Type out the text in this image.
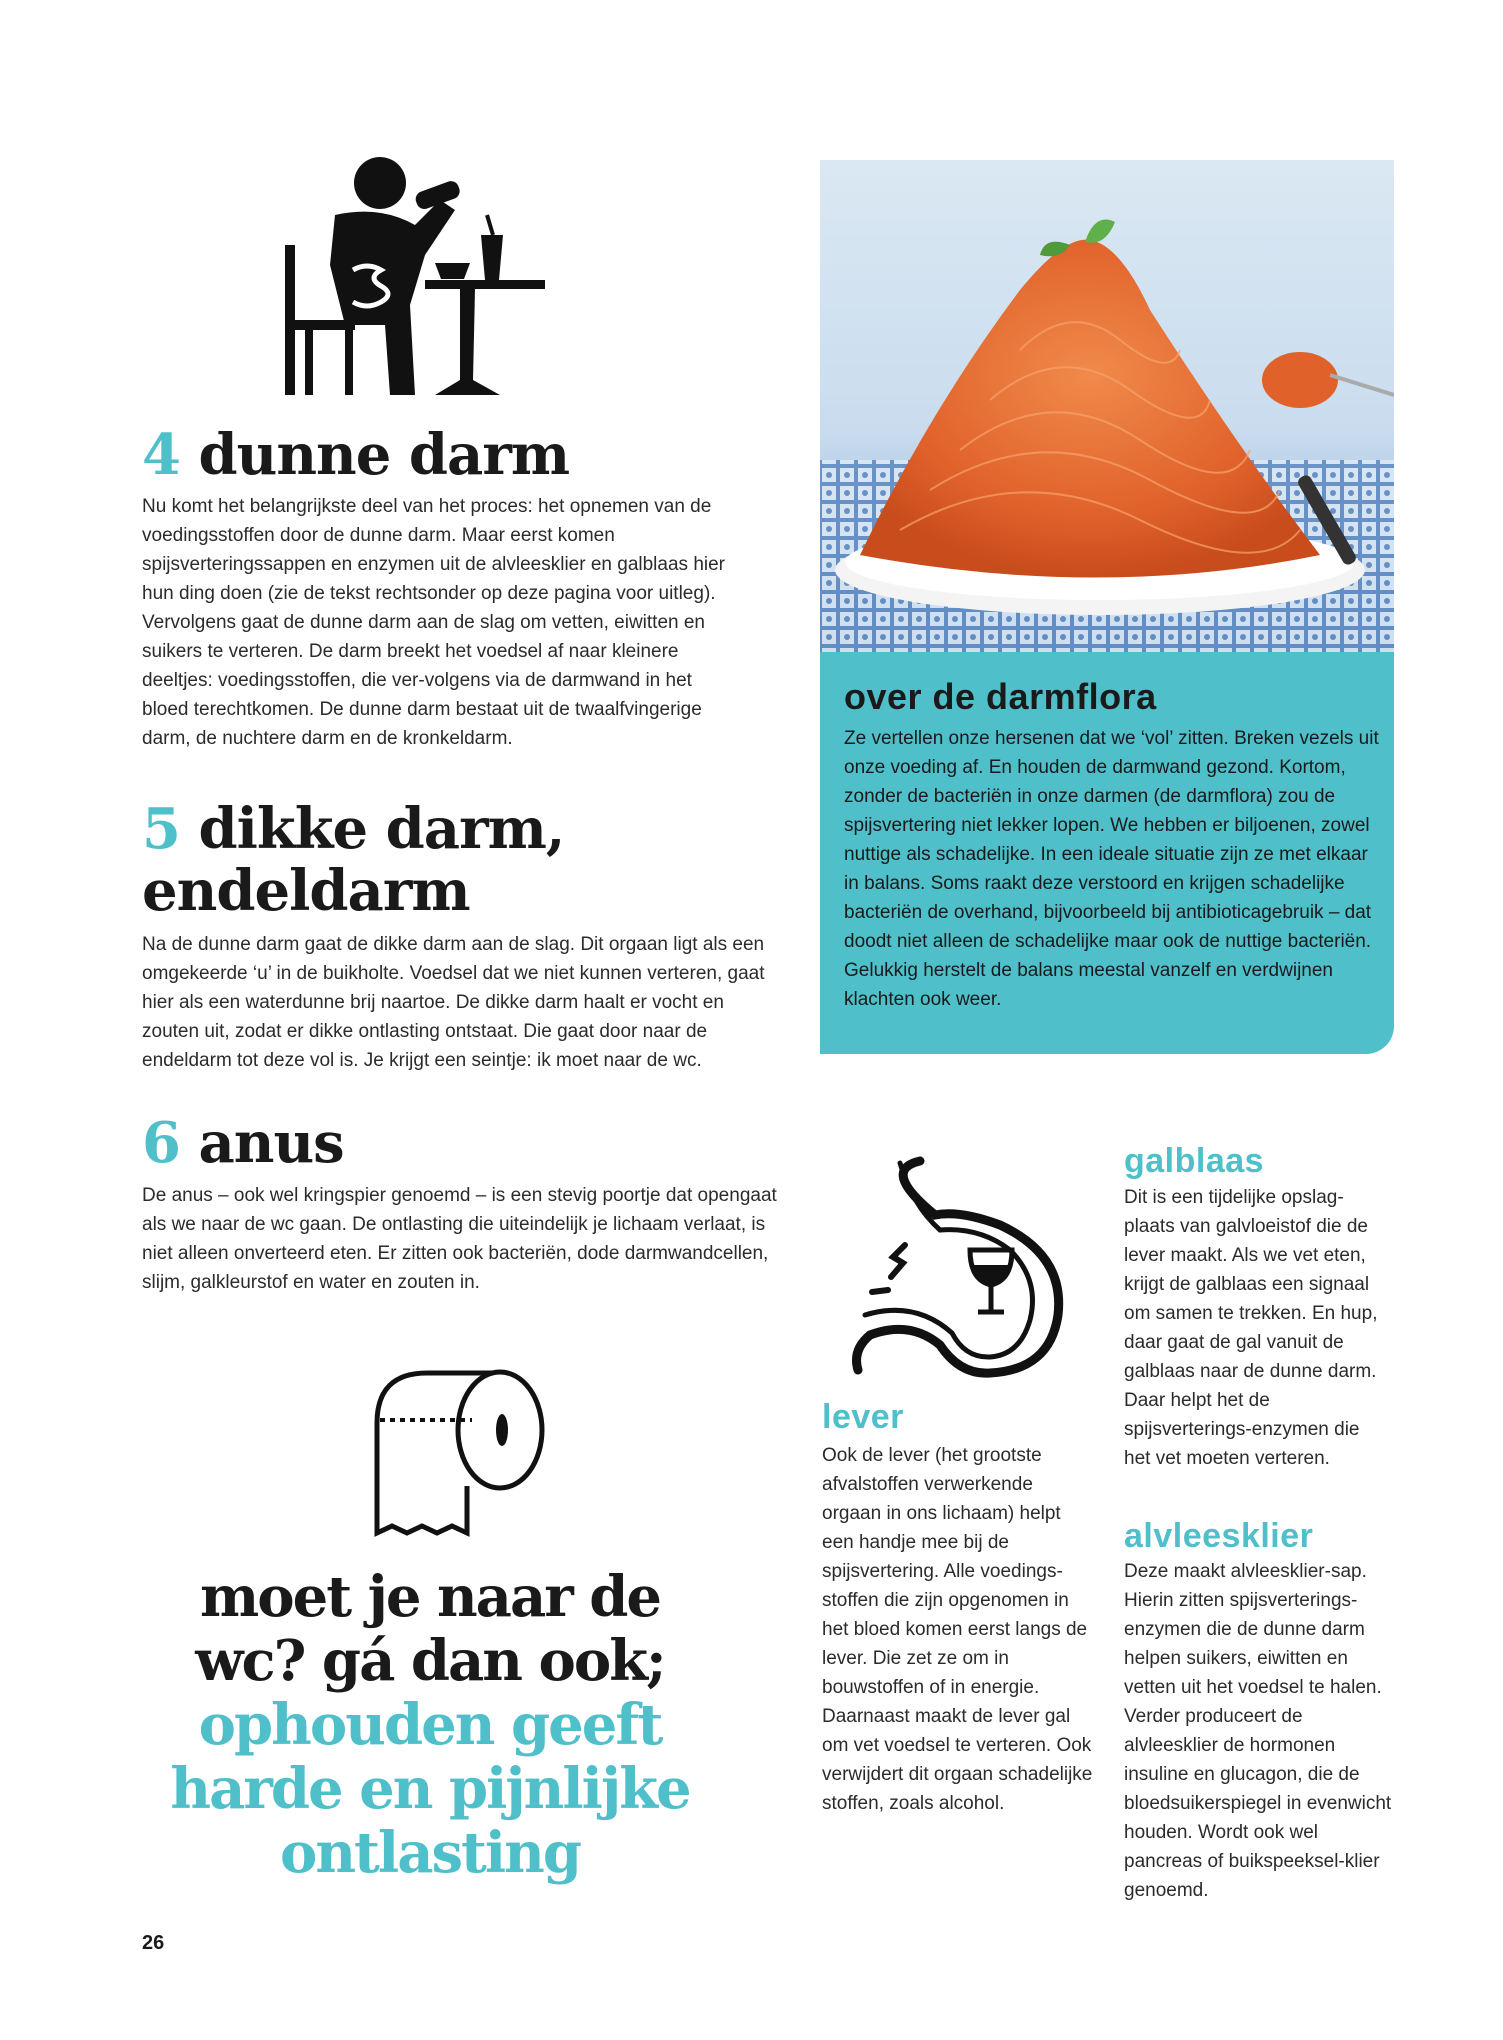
4 dunne darm

Nu komt het belangrijkste deel van het proces: het opnemen van de voedingsstoffen door de dunne darm. Maar eerst komen spijsverteringssappen en enzymen uit de alvleesklier en galblaas hier hun ding doen (zie de tekst rechtsonder op deze pagina voor uitleg). Vervolgens gaat de dunne darm aan de slag om vetten, eiwitten en suikers te verteren. De darm breekt het voedsel af naar kleinere deeltjes: voedingsstoffen, die ver-volgens via de darmwand in het bloed terechtkomen. De dunne darm bestaat uit de twaalfvingerige darm, de nuchtere darm en de kronkeldarm.

5 dikke darm,
endeldarm

Na de dunne darm gaat de dikke darm aan de slag. Dit orgaan ligt als een omgekeerde ‘u’ in de buikholte. Voedsel dat we niet kunnen verteren, gaat hier als een waterdunne brij naartoe. De dikke darm haalt er vocht en zouten uit, zodat er dikke ontlasting ontstaat. Die gaat door naar de endeldarm tot deze vol is. Je krijgt een seintje: ik moet naar de wc.

6 anus

De anus – ook wel kringspier genoemd – is een stevig poortje dat opengaat als we naar de wc gaan. De ontlasting die uiteindelijk je lichaam verlaat, is niet alleen onverteerd eten. Er zitten ook bacteriën, dode darmwandcellen, slijm, galkleurstof en water en zouten in.

moet je naar de
wc? gá dan ook;
ophouden geeft
harde en pijnlijke
ontlasting
26
over de darmflora

Ze vertellen onze hersenen dat we ‘vol’ zitten. Breken vezels uit onze voeding af. En houden de darmwand gezond. Kortom, zonder de bacteriën in onze darmen (de darmflora) zou de spijsvertering niet lekker lopen. We hebben er biljoenen, zowel nuttige als schadelijke. In een ideale situatie zijn ze met elkaar in balans. Soms raakt deze verstoord en krijgen schadelijke bacteriën de overhand, bijvoorbeeld bij antibioticagebruik – dat doodt niet alleen de schadelijke maar ook de nuttige bacteriën. Gelukkig herstelt de balans meestal vanzelf en verdwijnen klachten ook weer.

lever

Ook de lever (het grootste afvalstoffen verwerkende orgaan in ons lichaam) helpt een handje mee bij de spijsvertering. Alle voedings-stoffen die zijn opgenomen in het bloed komen eerst langs de lever. Die zet ze om in bouwstoffen of in energie. Daarnaast maakt de lever gal om vet voedsel te verteren. Ook verwijdert dit orgaan schadelijke stoffen, zoals alcohol.

galblaas

Dit is een tijdelijke opslag-plaats van galvloeistof die de lever maakt. Als we vet eten, krijgt de galblaas een signaal om samen te trekken. En hup, daar gaat de gal vanuit de galblaas naar de dunne darm. Daar helpt het de spijsverterings-enzymen die het vet moeten verteren.

alvleesklier

Deze maakt alvleesklier-sap. Hierin zitten spijsverterings-enzymen die de dunne darm helpen suikers, eiwitten en vetten uit het voedsel te halen. Verder produceert de alvleesklier de hormonen insuline en glucagon, die de bloedsuikerspiegel in evenwicht houden. Wordt ook wel pancreas of buikspeeksel-klier genoemd.
